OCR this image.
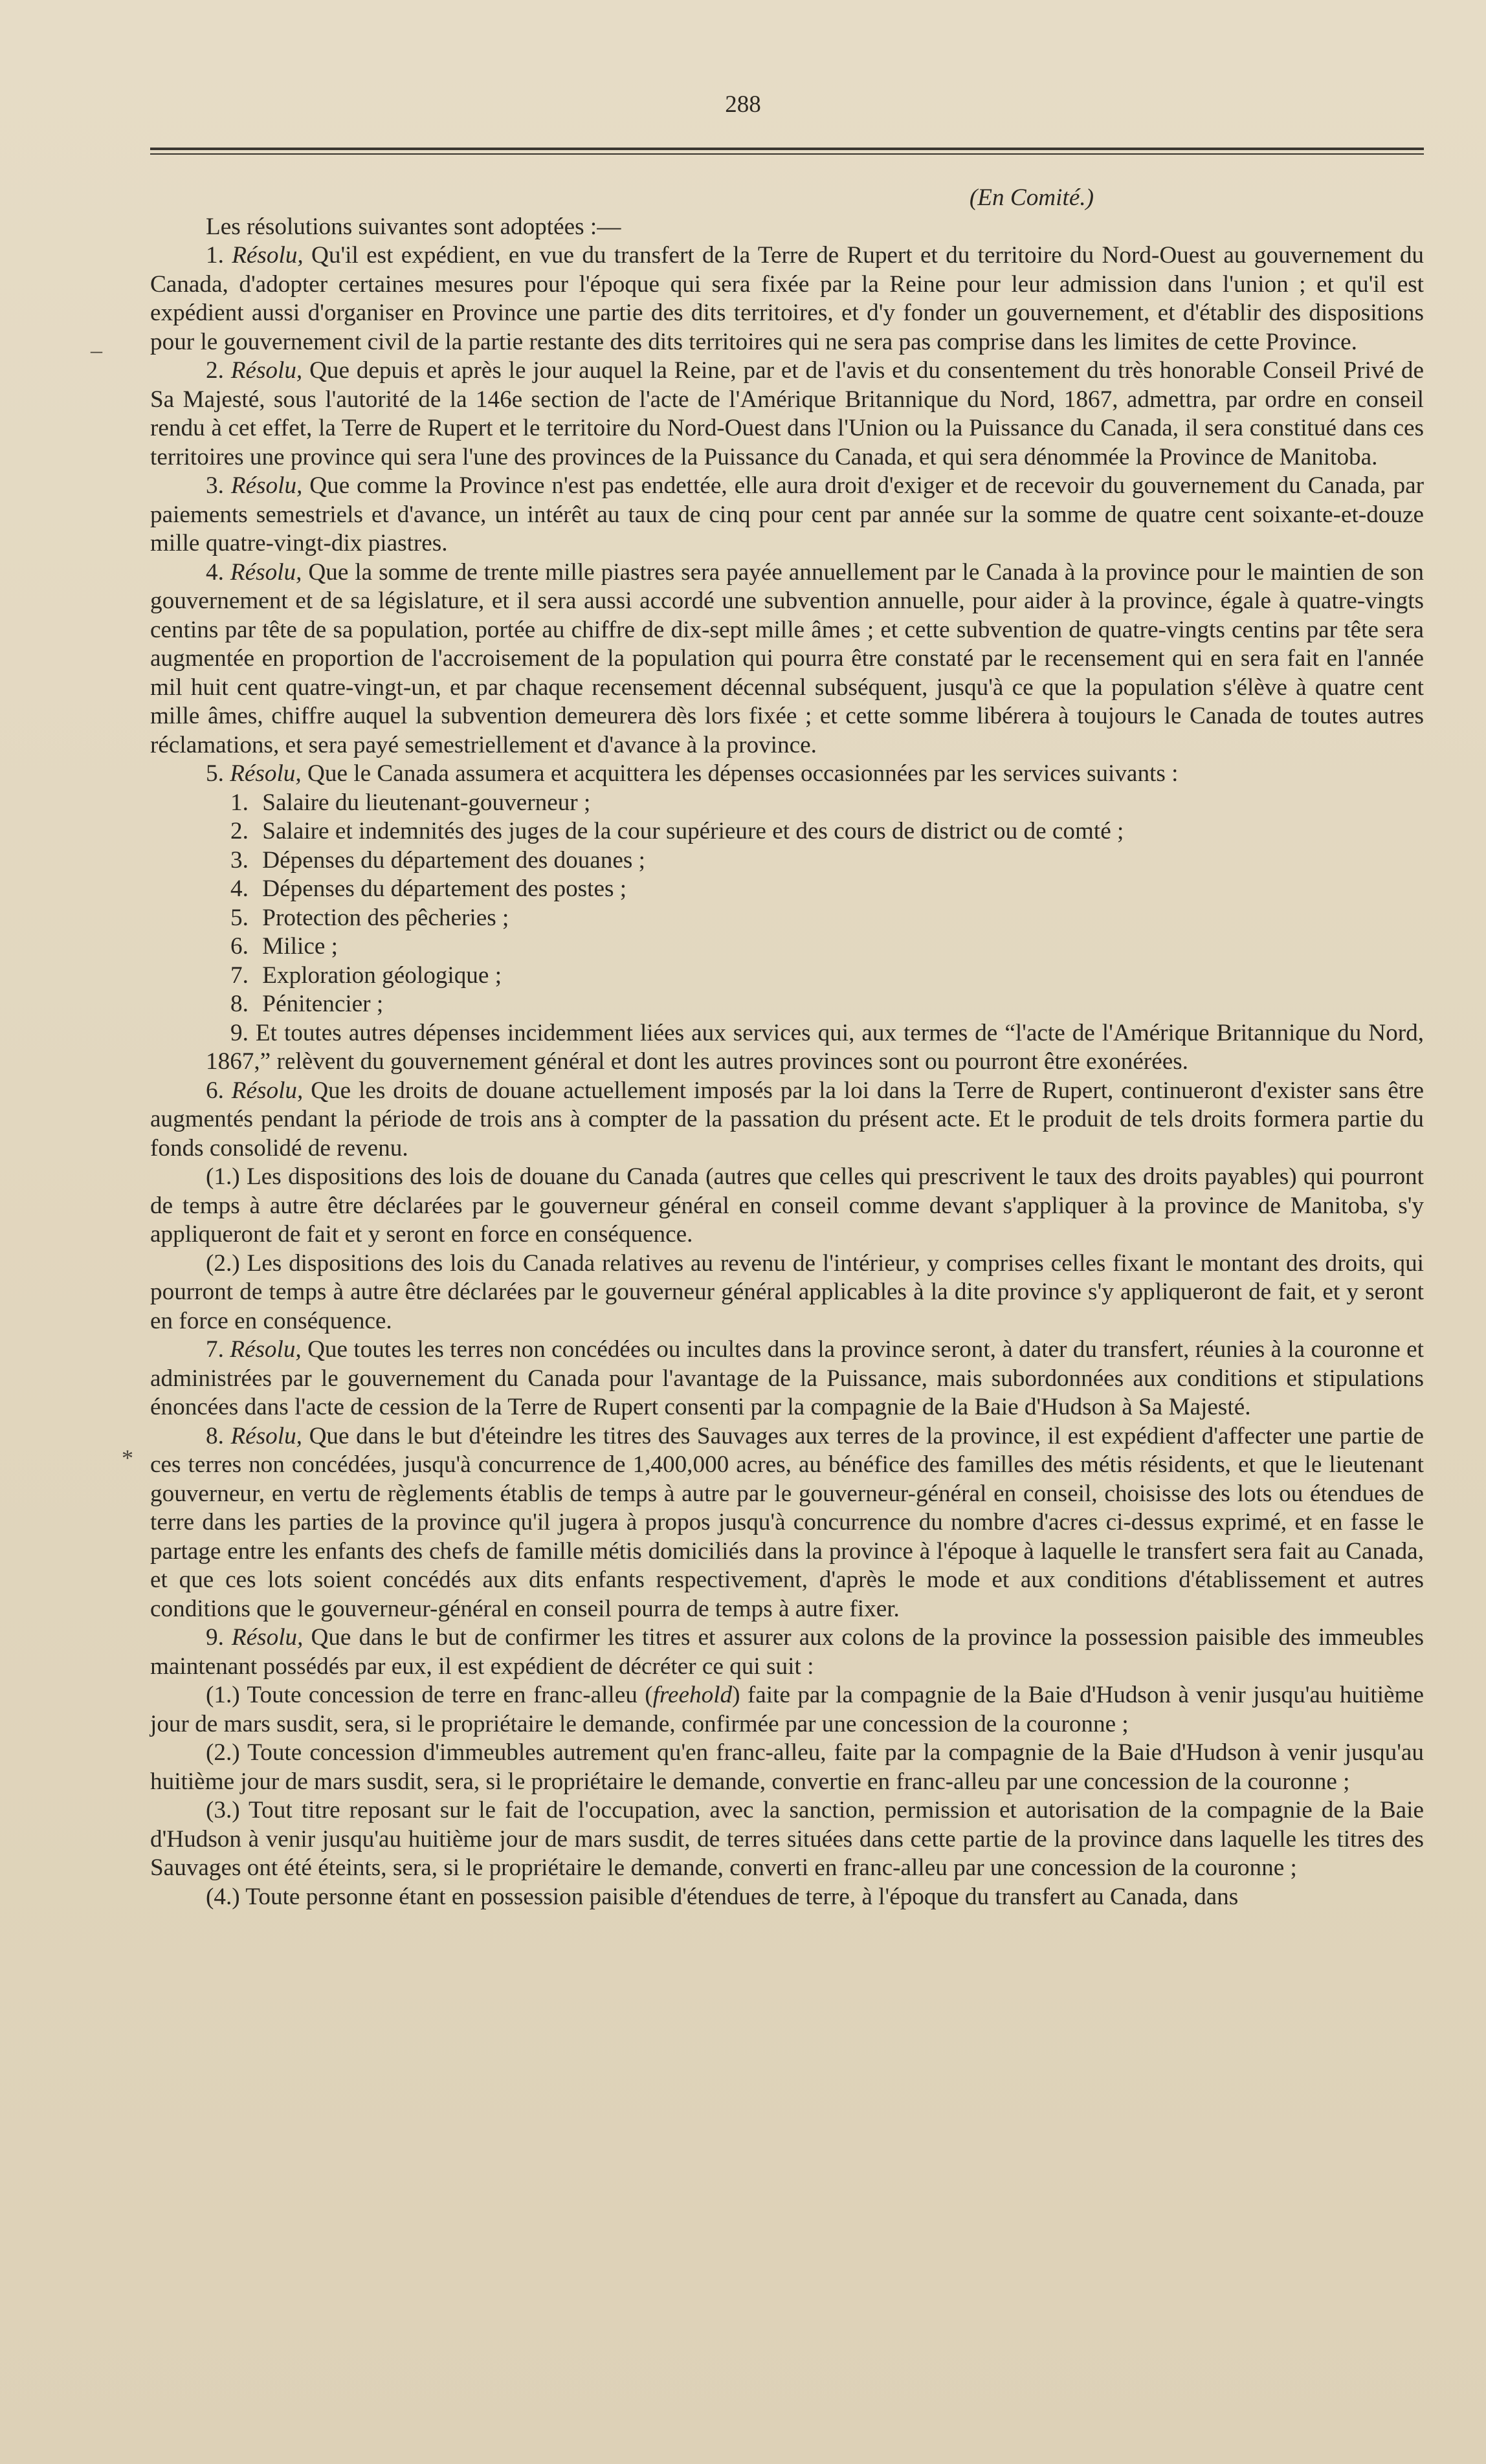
288
–
*

(En Comité.)

Les résolutions suivantes sont adoptées :—

1. Résolu, Qu'il est expédient, en vue du transfert de la Terre de Rupert et du territoire du Nord-Ouest au gouvernement du Canada, d'adopter certaines mesures pour l'époque qui sera fixée par la Reine pour leur admission dans l'union ; et qu'il est expédient aussi d'organiser en Province une partie des dits territoires, et d'y fonder un gouvernement, et d'établir des dispositions pour le gouvernement civil de la partie restante des dits territoires qui ne sera pas comprise dans les limites de cette Province.

2. Résolu, Que depuis et après le jour auquel la Reine, par et de l'avis et du consentement du très honorable Conseil Privé de Sa Majesté, sous l'autorité de la 146e section de l'acte de l'Amérique Britannique du Nord, 1867, admettra, par ordre en conseil rendu à cet effet, la Terre de Rupert et le territoire du Nord-Ouest dans l'Union ou la Puissance du Canada, il sera constitué dans ces territoires une province qui sera l'une des provinces de la Puissance du Canada, et qui sera dénommée la Province de Manitoba.

3. Résolu, Que comme la Province n'est pas endettée, elle aura droit d'exiger et de recevoir du gouvernement du Canada, par paiements semestriels et d'avance, un intérêt au taux de cinq pour cent par année sur la somme de quatre cent soixante-et-douze mille quatre-vingt-dix piastres.

4. Résolu, Que la somme de trente mille piastres sera payée annuellement par le Canada à la province pour le maintien de son gouvernement et de sa législature, et il sera aussi accordé une subvention annuelle, pour aider à la province, égale à quatre-vingts centins par tête de sa population, portée au chiffre de dix-sept mille âmes ; et cette subvention de quatre-vingts centins par tête sera augmentée en proportion de l'accroisement de la population qui pourra être constaté par le recensement qui en sera fait en l'année mil huit cent quatre-vingt-un, et par chaque recensement décennal subséquent, jusqu'à ce que la population s'élève à quatre cent mille âmes, chiffre auquel la subvention demeurera dès lors fixée ; et cette somme libérera à toujours le Canada de toutes autres réclamations, et sera payé semestriellement et d'avance à la province.

5. Résolu, Que le Canada assumera et acquittera les dépenses occasionnées par les services suivants :

1. Salaire du lieutenant-gouverneur ;
2. Salaire et indemnités des juges de la cour supérieure et des cours de district ou de comté ;
3. Dépenses du département des douanes ;
4. Dépenses du département des postes ;
5. Protection des pêcheries ;
6. Milice ;
7. Exploration géologique ;
8. Pénitencier ;
9. Et toutes autres dépenses incidemment liées aux services qui, aux termes de “l'acte de l'Amérique Britannique du Nord, 1867,” relèvent du gouvernement général et dont les autres provinces sont ou pourront être exonérées.

6. Résolu, Que les droits de douane actuellement imposés par la loi dans la Terre de Rupert, continueront d'exister sans être augmentés pendant la période de trois ans à compter de la passation du présent acte. Et le produit de tels droits formera partie du fonds consolidé de revenu.

(1.) Les dispositions des lois de douane du Canada (autres que celles qui prescrivent le taux des droits payables) qui pourront de temps à autre être déclarées par le gouverneur général en conseil comme devant s'appliquer à la province de Manitoba, s'y appliqueront de fait et y seront en force en conséquence.

(2.) Les dispositions des lois du Canada relatives au revenu de l'intérieur, y comprises celles fixant le montant des droits, qui pourront de temps à autre être déclarées par le gouverneur général applicables à la dite province s'y appliqueront de fait, et y seront en force en conséquence.

7. Résolu, Que toutes les terres non concédées ou incultes dans la province seront, à dater du transfert, réunies à la couronne et administrées par le gouvernement du Canada pour l'avantage de la Puissance, mais subordonnées aux conditions et stipulations énoncées dans l'acte de cession de la Terre de Rupert consenti par la compagnie de la Baie d'Hudson à Sa Majesté.

8. Résolu, Que dans le but d'éteindre les titres des Sauvages aux terres de la province, il est expédient d'affecter une partie de ces terres non concédées, jusqu'à concurrence de 1,400,000 acres, au bénéfice des familles des métis résidents, et que le lieutenant gouverneur, en vertu de règlements établis de temps à autre par le gouverneur-général en conseil, choisisse des lots ou étendues de terre dans les parties de la province qu'il jugera à propos jusqu'à concurrence du nombre d'acres ci-dessus exprimé, et en fasse le partage entre les enfants des chefs de famille métis domiciliés dans la province à l'époque à laquelle le transfert sera fait au Canada, et que ces lots soient concédés aux dits enfants respectivement, d'après le mode et aux conditions d'établissement et autres conditions que le gouverneur-général en conseil pourra de temps à autre fixer.

9. Résolu, Que dans le but de confirmer les titres et assurer aux colons de la province la possession paisible des immeubles maintenant possédés par eux, il est expédient de décréter ce qui suit :

(1.) Toute concession de terre en franc-alleu (freehold) faite par la compagnie de la Baie d'Hudson à venir jusqu'au huitième jour de mars susdit, sera, si le propriétaire le demande, confirmée par une concession de la couronne ;

(2.) Toute concession d'immeubles autrement qu'en franc-alleu, faite par la compagnie de la Baie d'Hudson à venir jusqu'au huitième jour de mars susdit, sera, si le propriétaire le demande, convertie en franc-alleu par une concession de la couronne ;

(3.) Tout titre reposant sur le fait de l'occupation, avec la sanction, permission et autorisation de la compagnie de la Baie d'Hudson à venir jusqu'au huitième jour de mars susdit, de terres situées dans cette partie de la province dans laquelle les titres des Sauvages ont été éteints, sera, si le propriétaire le demande, converti en franc-alleu par une concession de la couronne ;

(4.) Toute personne étant en possession paisible d'étendues de terre, à l'époque du transfert au Canada, dans
